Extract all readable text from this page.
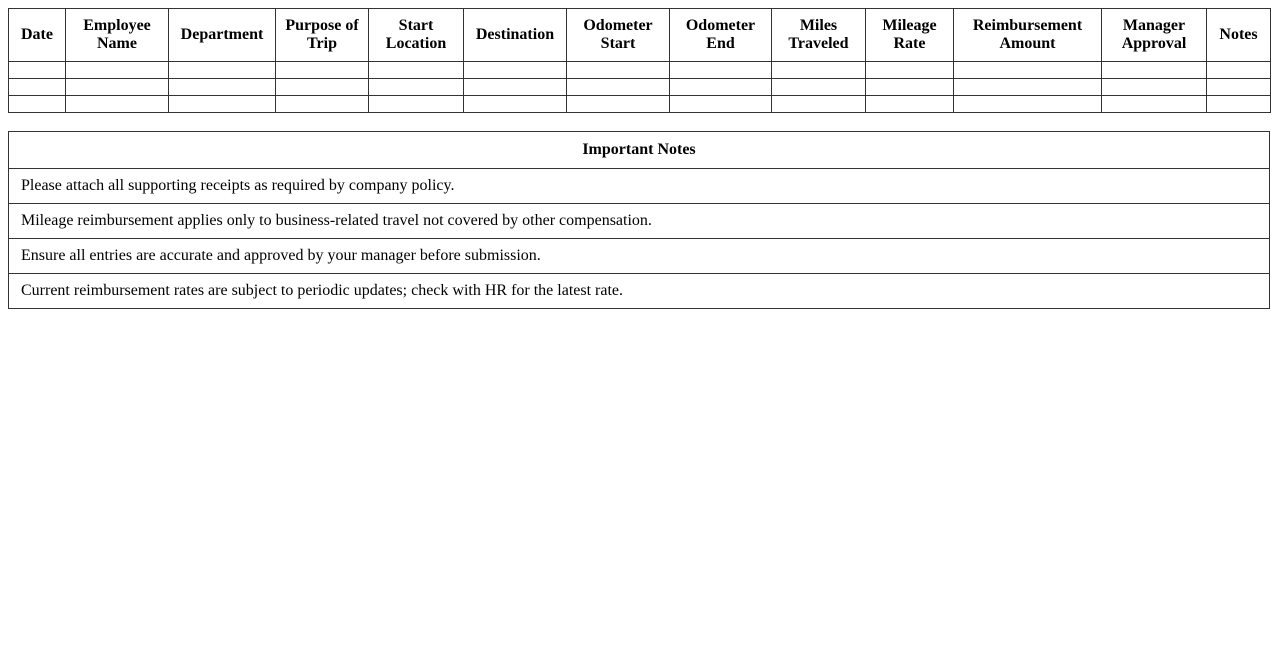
Date	Employee Name	Department	Purpose of Trip	Start Location	Destination	Odometer Start	Odometer End	Miles Traveled	Mileage Rate	Reimbursement Amount	Manager Approval	Notes

Important Notes
Please attach all supporting receipts as required by company policy.
Mileage reimbursement applies only to business-related travel not covered by other compensation.
Ensure all entries are accurate and approved by your manager before submission.
Current reimbursement rates are subject to periodic updates; check with HR for the latest rate.
